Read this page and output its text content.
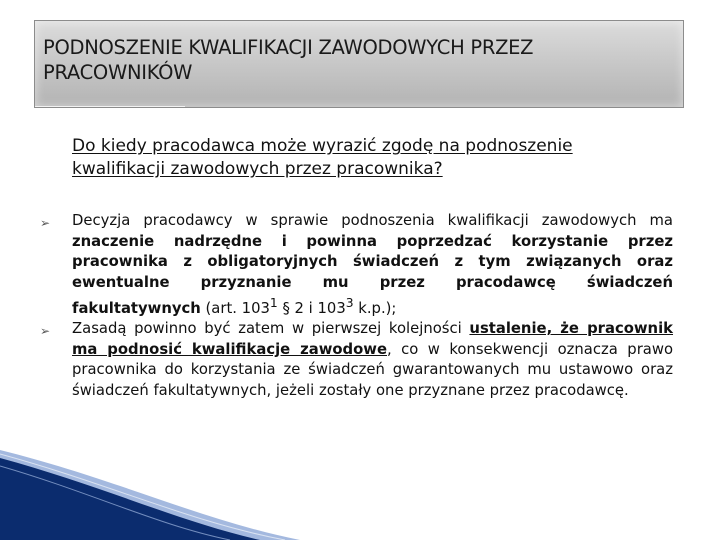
PODNOSZENIE KWALIFIKACJI ZAWODOWYCH PRZEZ
PRACOWNIKÓW
Do kiedy pracodawca może wyrazić zgodę na podnoszenie
kwalifikacji zawodowych przez pracownika?
➢ Decyzja pracodawcy w sprawie podnoszenia kwalifikacji zawodowych ma znaczenie nadrzędne i powinna poprzedzać korzystanie przez pracownika z obligatoryjnych świadczeń z tym związanych oraz ewentualne przyznanie mu przez pracodawcę świadczeń fakultatywnych (art. $103^1$ § 2 i $103^3$ k.p.);
➢ Zasadą powinno być zatem w pierwszej kolejności ustalenie, że pracownik ma podnosić kwalifikacje zawodowe, co w konsekwencji oznacza prawo pracownika do korzystania ze świadczeń gwarantowanych mu ustawowo oraz świadczeń fakultatywnych, jeżeli zostały one przyznane przez pracodawcę.
